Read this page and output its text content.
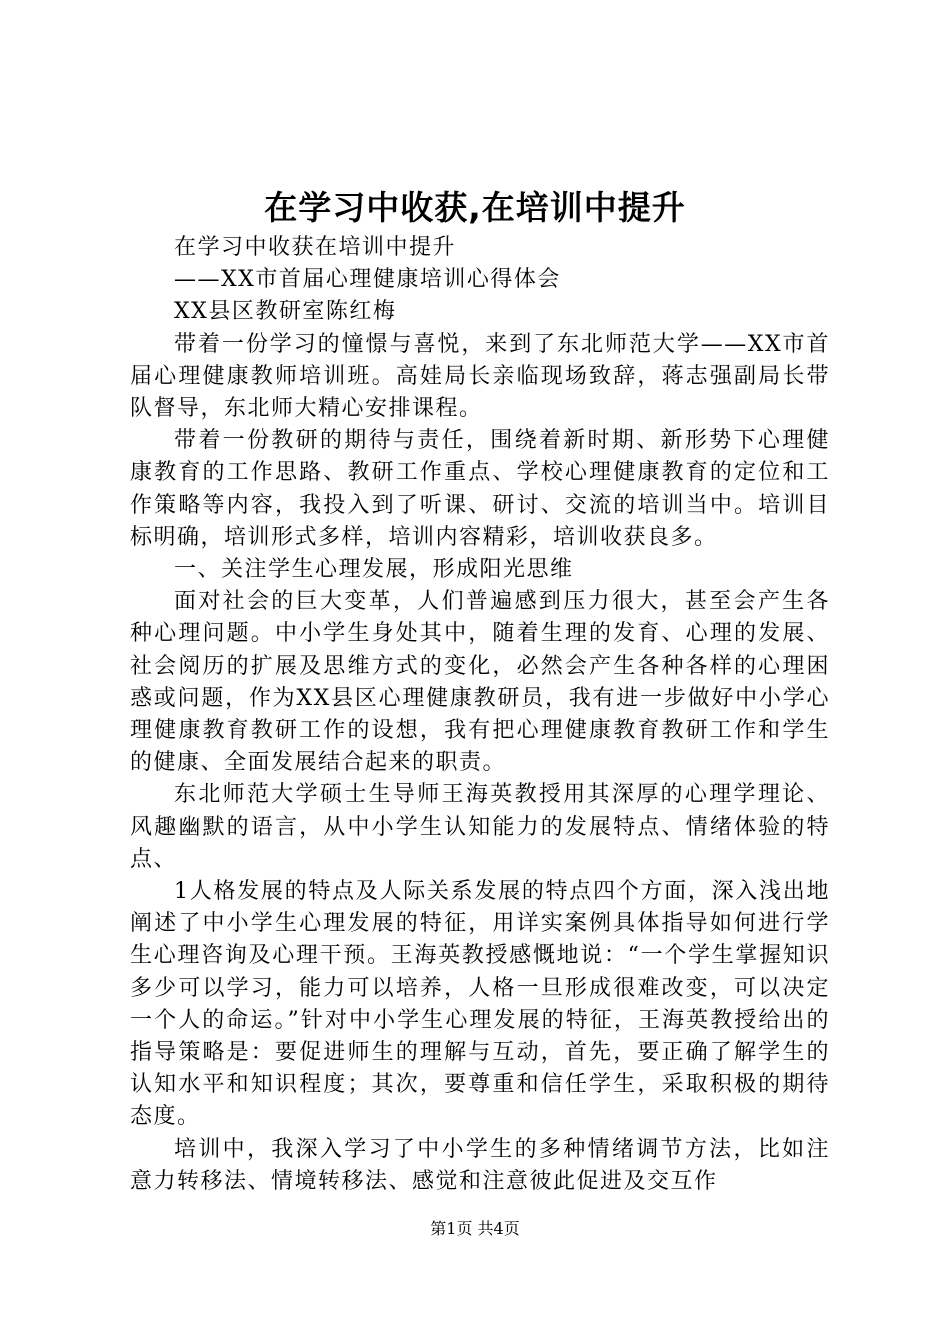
在学习中收获,在培训中提升

在学习中收获在培训中提升

——XX市首届心理健康培训心得体会

XX县区教研室陈红梅

带着一份学习的憧憬与喜悦，来到了东北师范大学——XX市首届心理健康教师培训班。高娃局长亲临现场致辞，蒋志强副局长带队督导，东北师大精心安排课程。

带着一份教研的期待与责任，围绕着新时期、新形势下心理健康教育的工作思路、教研工作重点、学校心理健康教育的定位和工作策略等内容，我投入到了听课、研讨、交流的培训当中。培训目标明确，培训形式多样，培训内容精彩，培训收获良多。

一、关注学生心理发展，形成阳光思维

面对社会的巨大变革，人们普遍感到压力很大，甚至会产生各种心理问题。中小学生身处其中，随着生理的发育、心理的发展、社会阅历的扩展及思维方式的变化，必然会产生各种各样的心理困惑或问题，作为XX县区心理健康教研员，我有进一步做好中小学心理健康教育教研工作的设想，我有把心理健康教育教研工作和学生的健康、全面发展结合起来的职责。

东北师范大学硕士生导师王海英教授用其深厚的心理学理论、风趣幽默的语言，从中小学生认知能力的发展特点、情绪体验的特点、

1人格发展的特点及人际关系发展的特点四个方面，深入浅出地阐述了中小学生心理发展的特征，用详实案例具体指导如何进行学生心理咨询及心理干预。王海英教授感慨地说：“一个学生掌握知识多少可以学习，能力可以培养，人格一旦形成很难改变，可以决定一个人的命运。”针对中小学生心理发展的特征，王海英教授给出的指导策略是：要促进师生的理解与互动，首先，要正确了解学生的认知水平和知识程度；其次，要尊重和信任学生，采取积极的期待态度。

培训中，我深入学习了中小学生的多种情绪调节方法，比如注意力转移法、情境转移法、感觉和注意彼此促进及交互作

第1页 共4页
